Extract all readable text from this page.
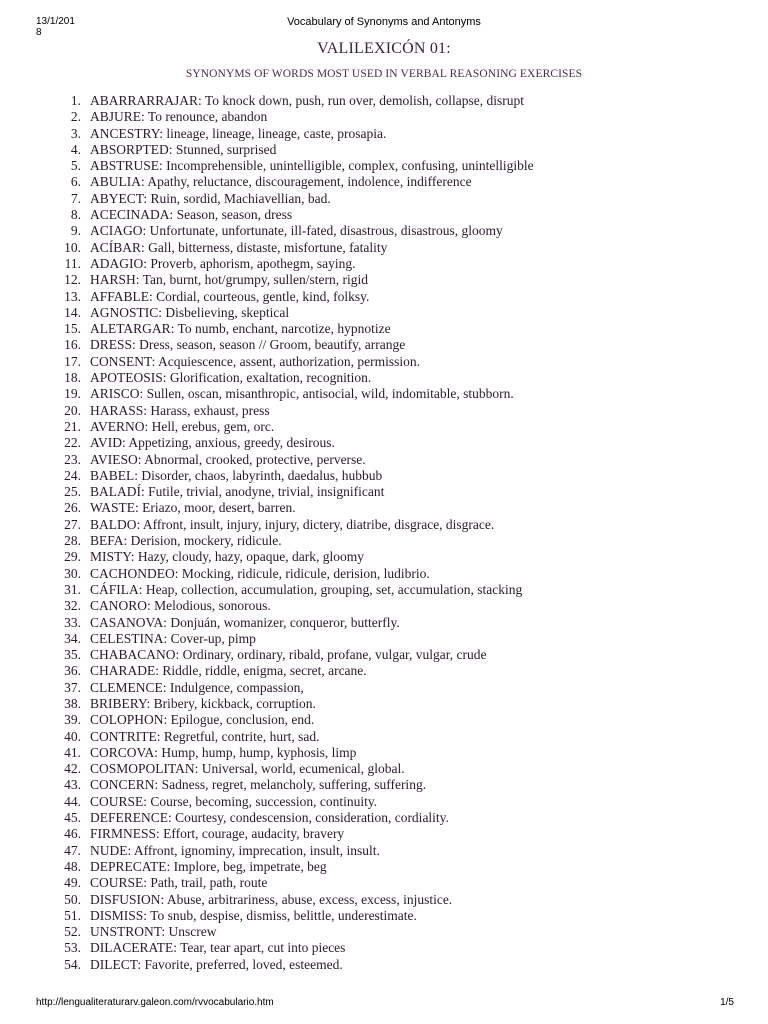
13/1/2018
Vocabulary of Synonyms and Antonyms
VALILEXICÓN 01:
SYNONYMS OF WORDS MOST USED IN VERBAL REASONING EXERCISES
1. ABARRARRAJAR: To knock down, push, run over, demolish, collapse, disrupt
2. ABJURE: To renounce, abandon
3. ANCESTRY: lineage, lineage, lineage, caste, prosapia.
4. ABSORPTED: Stunned, surprised
5. ABSTRUSE: Incomprehensible, unintelligible, complex, confusing, unintelligible
6. ABULIA: Apathy, reluctance, discouragement, indolence, indifference
7. ABYECT: Ruin, sordid, Machiavellian, bad.
8. ACECINADA: Season, season, dress
9. ACIAGO: Unfortunate, unfortunate, ill-fated, disastrous, disastrous, gloomy
10. ACÍBAR: Gall, bitterness, distaste, misfortune, fatality
11. ADAGIO: Proverb, aphorism, apothegm, saying.
12. HARSH: Tan, burnt, hot/grumpy, sullen/stern, rigid
13. AFFABLE: Cordial, courteous, gentle, kind, folksy.
14. AGNOSTIC: Disbelieving, skeptical
15. ALETARGAR: To numb, enchant, narcotize, hypnotize
16. DRESS: Dress, season, season // Groom, beautify, arrange
17. CONSENT: Acquiescence, assent, authorization, permission.
18. APOTEOSIS: Glorification, exaltation, recognition.
19. ARISCO: Sullen, oscan, misanthropic, antisocial, wild, indomitable, stubborn.
20. HARASS: Harass, exhaust, press
21. AVERNO: Hell, erebus, gem, orc.
22. AVID: Appetizing, anxious, greedy, desirous.
23. AVIESO: Abnormal, crooked, protective, perverse.
24. BABEL: Disorder, chaos, labyrinth, daedalus, hubbub
25. BALADÍ: Futile, trivial, anodyne, trivial, insignificant
26. WASTE: Eriazo, moor, desert, barren.
27. BALDO: Affront, insult, injury, injury, dictery, diatribe, disgrace, disgrace.
28. BEFA: Derision, mockery, ridicule.
29. MISTY: Hazy, cloudy, hazy, opaque, dark, gloomy
30. CACHONDEO: Mocking, ridicule, ridicule, derision, ludibrio.
31. CÁFILA: Heap, collection, accumulation, grouping, set, accumulation, stacking
32. CANORO: Melodious, sonorous.
33. CASANOVA: Donjuán, womanizer, conqueror, butterfly.
34. CELESTINA: Cover-up, pimp
35. CHABACANO: Ordinary, ordinary, ribald, profane, vulgar, vulgar, crude
36. CHARADE: Riddle, riddle, enigma, secret, arcane.
37. CLEMENCE: Indulgence, compassion,
38. BRIBERY: Bribery, kickback, corruption.
39. COLOPHON: Epilogue, conclusion, end.
40. CONTRITE: Regretful, contrite, hurt, sad.
41. CORCOVA: Hump, hump, hump, kyphosis, limp
42. COSMOPOLITAN: Universal, world, ecumenical, global.
43. CONCERN: Sadness, regret, melancholy, suffering, suffering.
44. COURSE: Course, becoming, succession, continuity.
45. DEFERENCE: Courtesy, condescension, consideration, cordiality.
46. FIRMNESS: Effort, courage, audacity, bravery
47. NUDE: Affront, ignominy, imprecation, insult, insult.
48. DEPRECATE: Implore, beg, impetrate, beg
49. COURSE: Path, trail, path, route
50. DISFUSION: Abuse, arbitrariness, abuse, excess, excess, injustice.
51. DISMISS: To snub, despise, dismiss, belittle, underestimate.
52. UNSTRONT: Unscrew
53. DILACERATE: Tear, tear apart, cut into pieces
54. DILECT: Favorite, preferred, loved, esteemed.
http://lengualiteraturarv.galeon.com/rvvocabulario.htm	1/5
